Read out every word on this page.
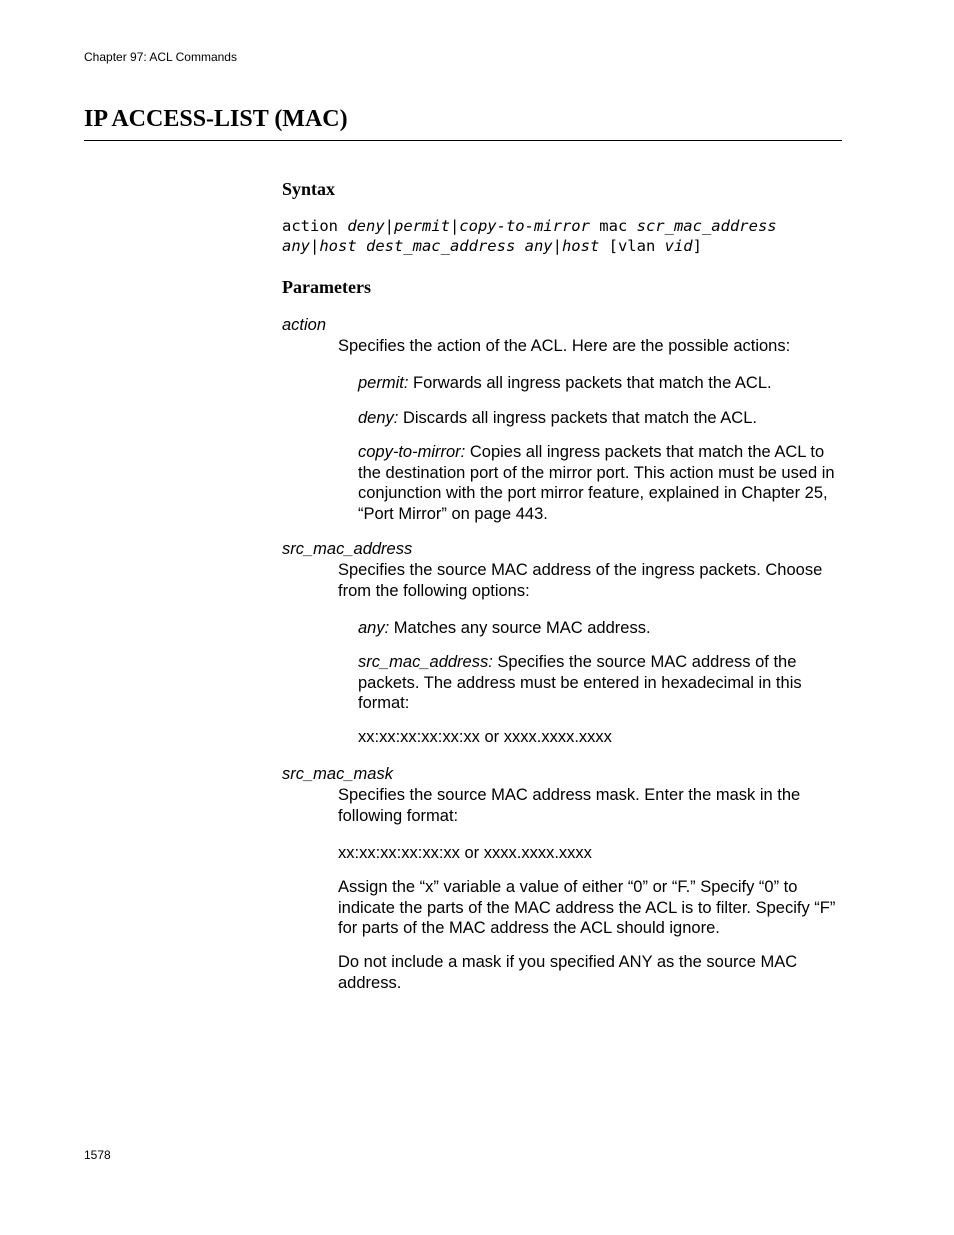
Chapter 97: ACL Commands
IP ACCESS-LIST (MAC)
Syntax
action deny|permit|copy-to-mirror mac scr_mac_address
any|host dest_mac_address any|host [vlan vid]
Parameters
action
Specifies the action of the ACL. Here are the possible actions:
permit: Forwards all ingress packets that match the ACL.
deny: Discards all ingress packets that match the ACL.
copy-to-mirror: Copies all ingress packets that match the ACL to the destination port of the mirror port. This action must be used in conjunction with the port mirror feature, explained in Chapter 25, “Port Mirror” on page 443.
src_mac_address
Specifies the source MAC address of the ingress packets. Choose from the following options:
any: Matches any source MAC address.
src_mac_address: Specifies the source MAC address of the packets. The address must be entered in hexadecimal in this format:
xx:xx:xx:xx:xx:xx or xxxx.xxxx.xxxx
src_mac_mask
Specifies the source MAC address mask. Enter the mask in the following format:
xx:xx:xx:xx:xx:xx or xxxx.xxxx.xxxx
Assign the “x” variable a value of either “0” or “F.” Specify “0” to indicate the parts of the MAC address the ACL is to filter. Specify “F” for parts of the MAC address the ACL should ignore.
Do not include a mask if you specified ANY as the source MAC address.
1578
